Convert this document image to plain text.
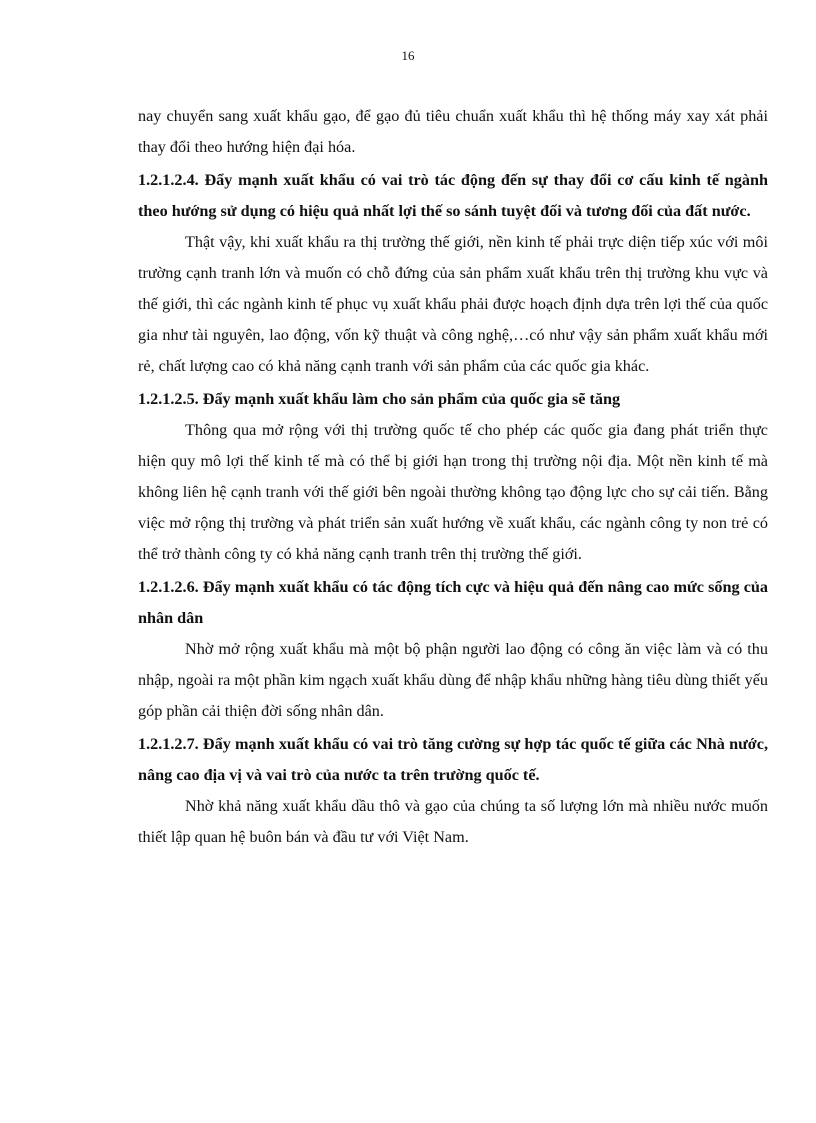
16

nay chuyển sang xuất khẩu gạo, để gạo đủ tiêu chuẩn xuất khẩu thì hệ thống máy xay xát phải thay đổi theo hướng hiện đại hóa.

1.2.1.2.4. Đẩy mạnh xuất khẩu có vai trò tác động đến sự thay đổi cơ cấu kinh tế ngành theo hướng sử dụng có hiệu quả nhất lợi thế so sánh tuyệt đối và tương đối của đất nước.

Thật vậy, khi xuất khẩu ra thị trường thế giới, nền kinh tế phải trực diện tiếp xúc với môi trường cạnh tranh lớn và muốn có chỗ đứng của sản phẩm xuất khẩu trên thị trường khu vực và thế giới, thì các ngành kinh tế phục vụ xuất khẩu phải được hoạch định dựa trên lợi thế của quốc gia như tài nguyên, lao động, vốn kỹ thuật và công nghệ,…có như vậy sản phẩm xuất khẩu mới rẻ, chất lượng cao có khả năng cạnh tranh với sản phẩm của các quốc gia khác.

1.2.1.2.5. Đẩy mạnh xuất khẩu làm cho sản phẩm của quốc gia sẽ tăng

Thông qua mở rộng với thị trường quốc tế cho phép các quốc gia đang phát triển thực hiện quy mô lợi thế kinh tế mà có thể bị giới hạn trong thị trường nội địa. Một nền kinh tế mà không liên hệ cạnh tranh với thế giới bên ngoài thường không tạo động lực cho sự cải tiến. Bằng việc mở rộng thị trường và phát triển sản xuất hướng về xuất khẩu, các ngành công ty non trẻ có thể trở thành công ty có khả năng cạnh tranh trên thị trường thế giới.

1.2.1.2.6. Đẩy mạnh xuất khẩu có tác động tích cực và hiệu quả đến nâng cao mức sống của nhân dân

Nhờ mở rộng xuất khẩu mà một bộ phận người lao động có công ăn việc làm và có thu nhập, ngoài ra một phần kim ngạch xuất khẩu dùng để nhập khẩu những hàng tiêu dùng thiết yếu góp phần cải thiện đời sống nhân dân.

1.2.1.2.7. Đẩy mạnh xuất khẩu có vai trò tăng cường sự hợp tác quốc tế giữa các Nhà nước, nâng cao địa vị và vai trò của nước ta trên trường quốc tế.

Nhờ khả năng xuất khẩu dầu thô và gạo của chúng ta số lượng lớn mà nhiều nước muốn thiết lập quan hệ buôn bán và đầu tư với Việt Nam.
